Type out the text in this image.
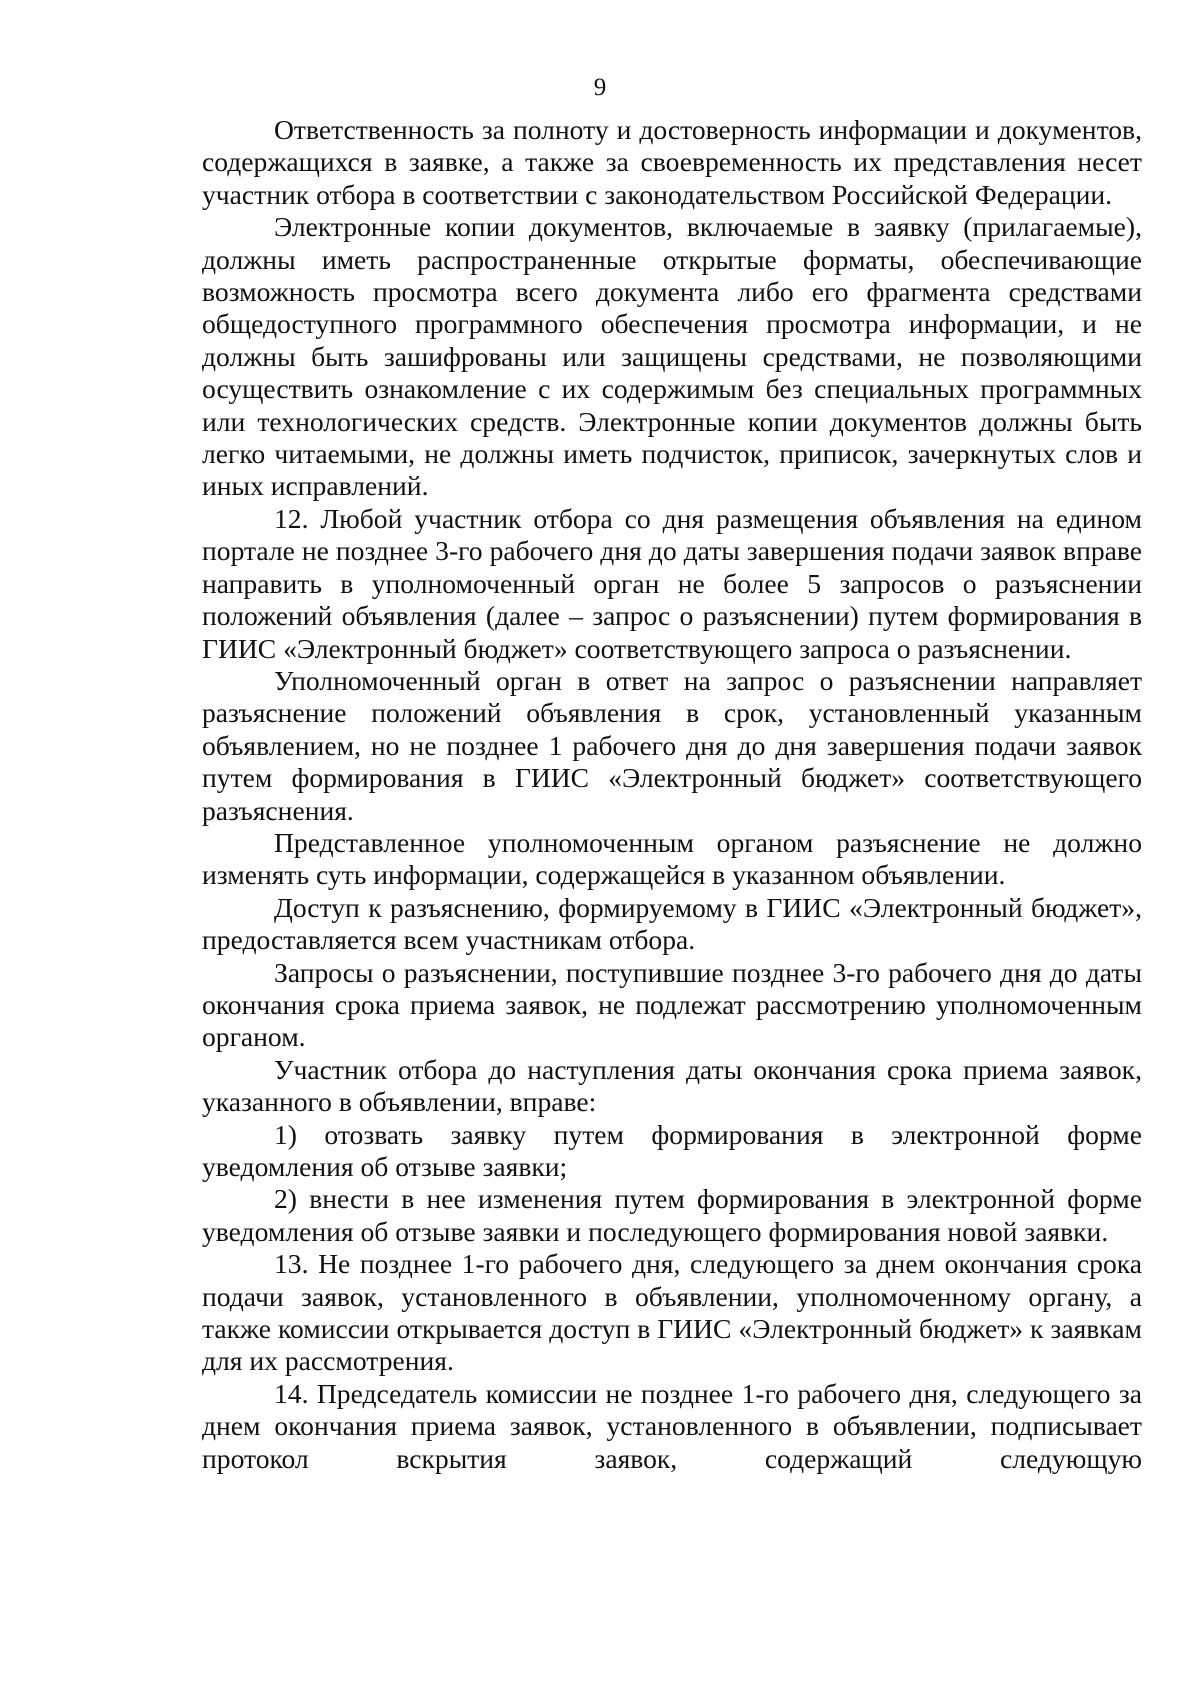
9

Ответственность за полноту и достоверность информации и документов, содержащихся в заявке, а также за своевременность их представления несет участник отбора в соответствии с законодательством Российской Федерации.

Электронные копии документов, включаемые в заявку (прилагаемые), должны иметь распространенные открытые форматы, обеспечивающие возможность просмотра всего документа либо его фрагмента средствами общедоступного программного обеспечения просмотра информации, и не должны быть зашифрованы или защищены средствами, не позволяющими осуществить ознакомление с их содержимым без специальных программных или технологических средств. Электронные копии документов должны быть легко читаемыми, не должны иметь подчисток, приписок, зачеркнутых слов и иных исправлений.

12. Любой участник отбора со дня размещения объявления на едином портале не позднее 3-го рабочего дня до даты завершения подачи заявок вправе направить в уполномоченный орган не более 5 запросов о разъяснении положений объявления (далее – запрос о разъяснении) путем формирования в ГИИС «Электронный бюджет» соответствующего запроса о разъяснении.

Уполномоченный орган в ответ на запрос о разъяснении направляет разъяснение положений объявления в срок, установленный указанным объявлением, но не позднее 1 рабочего дня до дня завершения подачи заявок путем формирования в ГИИС «Электронный бюджет» соответствующего разъяснения.

Представленное уполномоченным органом разъяснение не должно изменять суть информации, содержащейся в указанном объявлении.

Доступ к разъяснению, формируемому в ГИИС «Электронный бюджет», предоставляется всем участникам отбора.

Запросы о разъяснении, поступившие позднее 3-го рабочего дня до даты окончания срока приема заявок, не подлежат рассмотрению уполномоченным органом.

Участник отбора до наступления даты окончания срока приема заявок, указанного в объявлении, вправе:

1) отозвать заявку путем формирования в электронной форме уведомления об отзыве заявки;

2) внести в нее изменения путем формирования в электронной форме уведомления об отзыве заявки и последующего формирования новой заявки.

13. Не позднее 1-го рабочего дня, следующего за днем окончания срока подачи заявок, установленного в объявлении, уполномоченному органу, а также комиссии открывается доступ в ГИИС «Электронный бюджет» к заявкам для их рассмотрения.

14. Председатель комиссии не позднее 1-го рабочего дня, следующего за днем окончания приема заявок, установленного в объявлении, подписывает протокол вскрытия заявок, содержащий следующую
